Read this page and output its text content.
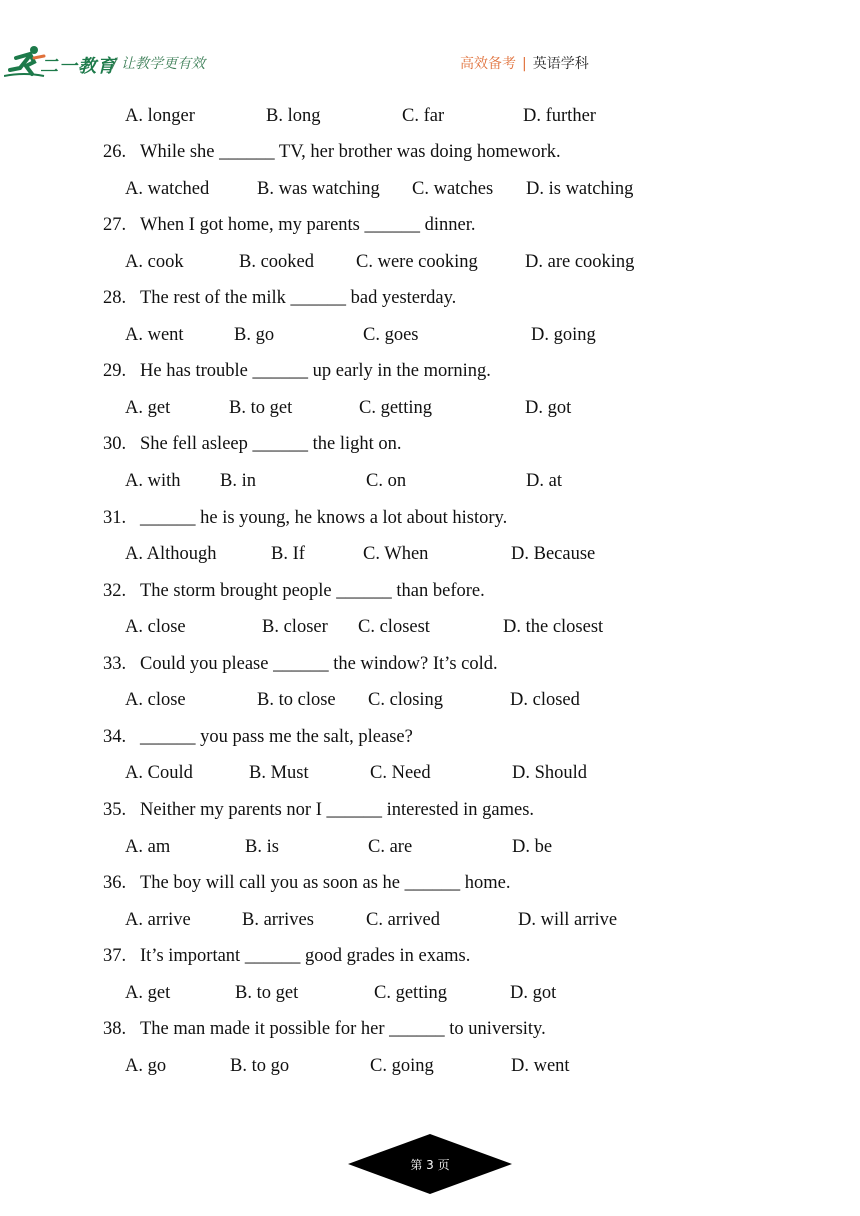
二一教育
/ 让教学更有效	高效备考 | 英语学科
A. longer	B. long	C. far	D. further
26. While she ______ TV, her brother was doing homework.
A. watched	B. was watching C. watches D. is watching
27. When I got home, my parents ______ dinner.
A. cook	B. cooked C. were cooking	D. are cooking
28. The rest of the milk ______ bad yesterday.
A. went	B. go	C. goes	D. going
29. He has trouble ______ up early in the morning.
A. get	B. to get	C. getting	D. got
30. She fell asleep ______ the light on.
A. with B. in	C. on	D. at
31. ______ he is young, he knows a lot about history.
A. Although	B. If	C. When	D. Because
32. The storm brought people ______ than before.
A. close	B. closer C. closest	D. the closest
33. Could you please ______ the window? It’s cold.
A. close	B. to close C. closing	D. closed
34. ______ you pass me the salt, please?
A. Could	B. Must	C. Need	D. Should
35. Neither my parents nor I ______ interested in games.
A. am	B. is	C. are	D. be
36. The boy will call you as soon as he ______ home.
A. arrive	B. arrives	C. arrived	D. will arrive
37. It’s important ______ good grades in exams.
A. get	B. to get	C. getting	D. got
38. The man made it possible for her ______ to university.
A. go	B. to go	C. going	D. went
第 3 页
